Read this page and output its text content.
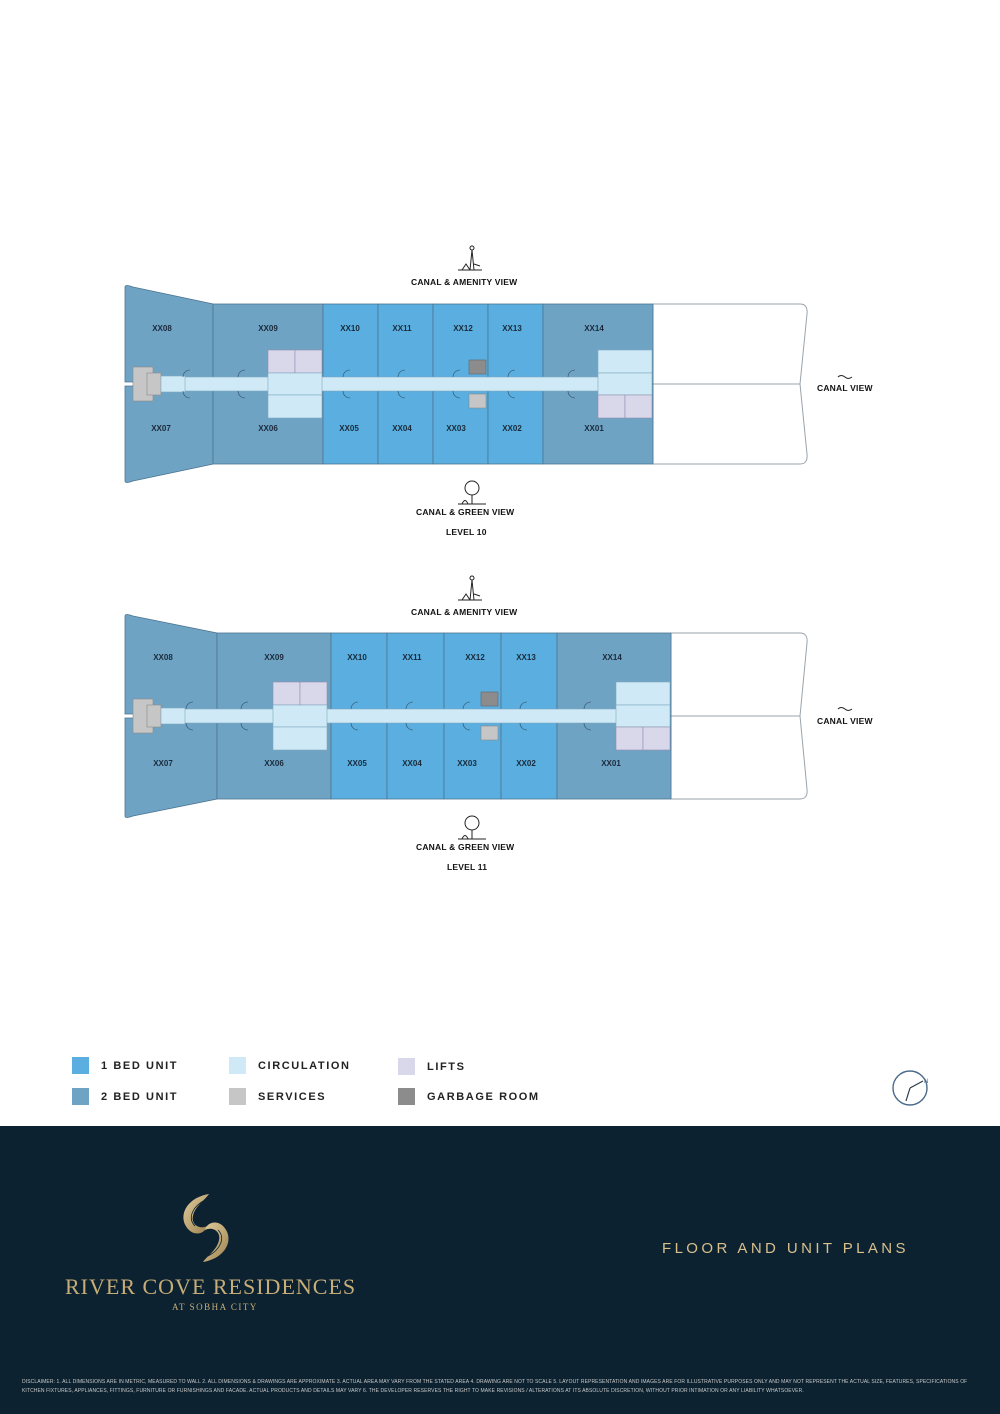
XX08	XX09	XX10	XX11	XX12	XX13	XX14
XX07	XX06	XX05	XX04	XX03	XX02	XX01
CANAL & AMENITY VIEW
CANAL VIEW
CANAL & GREEN VIEW
LEVEL 10
XX08	XX09	XX10	XX11	XX12	XX13	XX14
XX07	XX06	XX05	XX04	XX03	XX02	XX01
CANAL & AMENITY VIEW
CANAL VIEW
CANAL & GREEN VIEW
LEVEL 11
1 BED UNIT
2 BED UNIT
CIRCULATION
SERVICES
LIFTS
GARBAGE ROOM
N
RIVER COVE RESIDENCES
AT SOBHA CITY
FLOOR AND UNIT PLANS
DISCLAIMER: 1. ALL DIMENSIONS ARE IN METRIC, MEASURED TO WALL 2. ALL DIMENSIONS & DRAWINGS ARE APPROXIMATE 3. ACTUAL AREA MAY VARY FROM THE STATED AREA 4. DRAWING ARE NOT TO SCALE 5. LAYOUT REPRESENTATION AND IMAGES ARE FOR ILLUSTRATIVE PURPOSES ONLY AND MAY NOT REPRESENT THE ACTUAL SIZE, FEATURES, SPECIFICATIONS OF KITCHEN FIXTURES, APPLIANCES, FITTINGS, FURNITURE OR FURNISHINGS AND FACADE. ACTUAL PRODUCTS AND DETAILS MAY VARY 6. THE DEVELOPER RESERVES THE RIGHT TO MAKE REVISIONS / ALTERATIONS AT ITS ABSOLUTE DISCRETION, WITHOUT PRIOR INTIMATION OR ANY LIABILITY WHATSOEVER.
